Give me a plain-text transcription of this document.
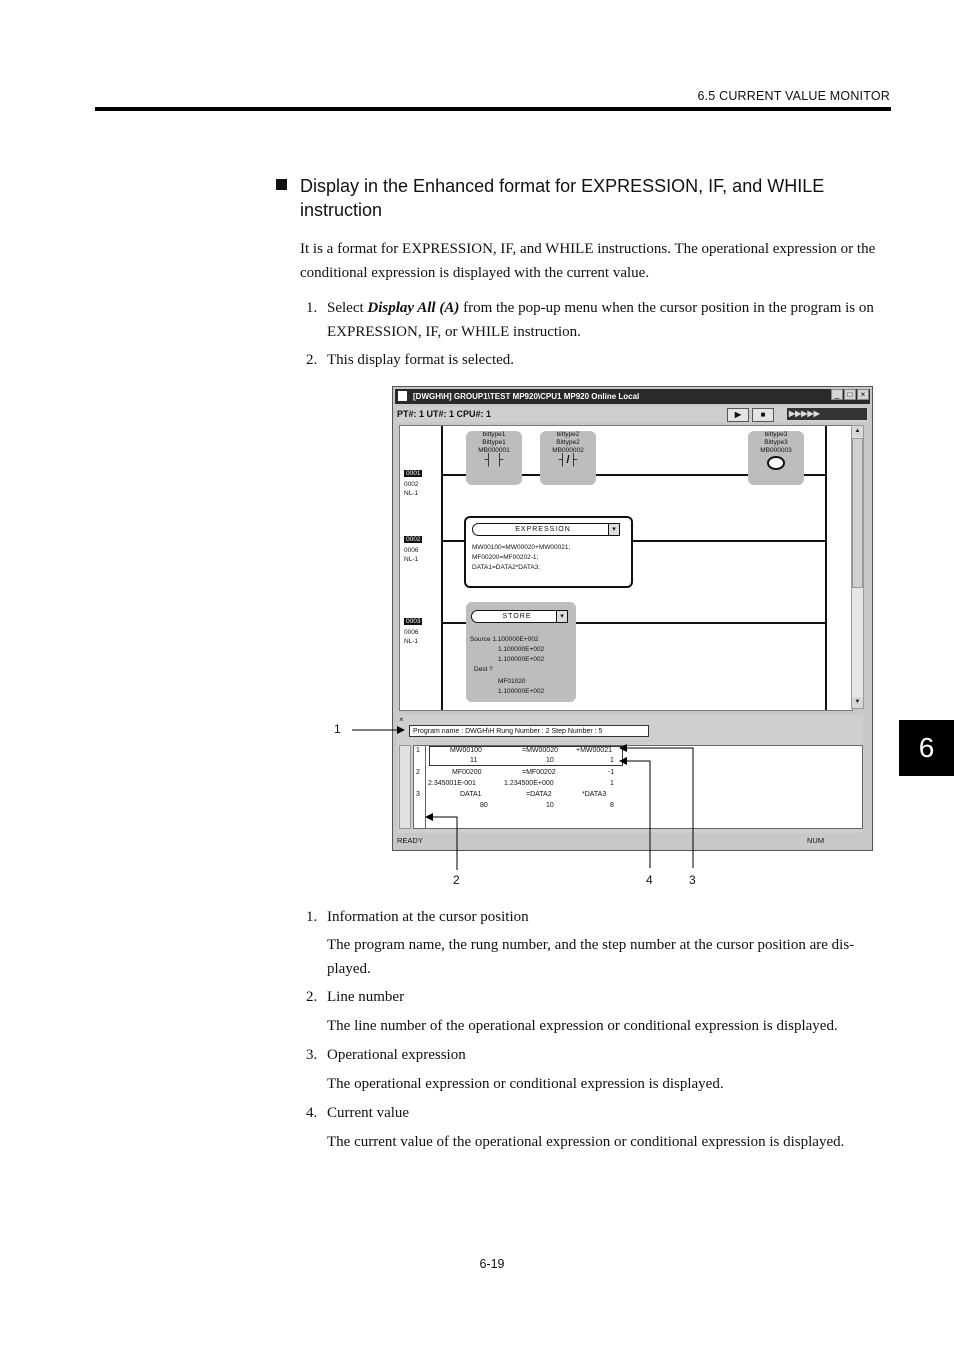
6.5 CURRENT VALUE MONITOR
6
Display in the Enhanced format for EXPRESSION, IF, and WHILE instruction
It is a format for EXPRESSION, IF, and WHILE instructions. The operational expression or the conditional expression is displayed with the current value.
1. Select Display All (A) from the pop-up menu when the cursor position in the program is on EXPRESSION, IF, or WHILE instruction.
2. This display format is selected.
[DWGH\H] GROUP1\TEST MP920\CPU1 MP920 Online Local	_	□	×
PT#: 1 UT#: 1 CPU#: 1	▶	■	▶▶▶▶▶
bittype1
Bittype1
MB000001
┤ ├
bittype2
Bittype2
MB000002
┤/├
bittype3
Bittype3
MB000003
EXPRESSION	▾
MW00100=MW00020+MW00021;
MF00200=MF00202-1;
DATA1=DATA2*DATA3;
STORE	▾
Source 1.100000E+002
1.100000E+002
1.100000E+002
Dest ?
MF01020
1.100000E+002
0001
0002
NL-1
0002
0006
NL-1
0003
0006
NL-1
▲
▼
×
Program name : DWGH\H Rung Number : 2 Step Number : 5
1	MW00100	=MW00020	+MW00021
11	10	1
2	MF00200	=MF00202	-1
2.345001E-001	1.234500E+000	1
3	DATA1	=DATA2	*DATA3
80	10	8
READY	NUM
1
2	4	3
1. Information at the cursor position
The program name, the rung number, and the step number at the cursor position are dis-played.
2. Line number
The line number of the operational expression or conditional expression is displayed.
3. Operational expression
The operational expression or conditional expression is displayed.
4. Current value
The current value of the operational expression or conditional expression is displayed.
6-19
